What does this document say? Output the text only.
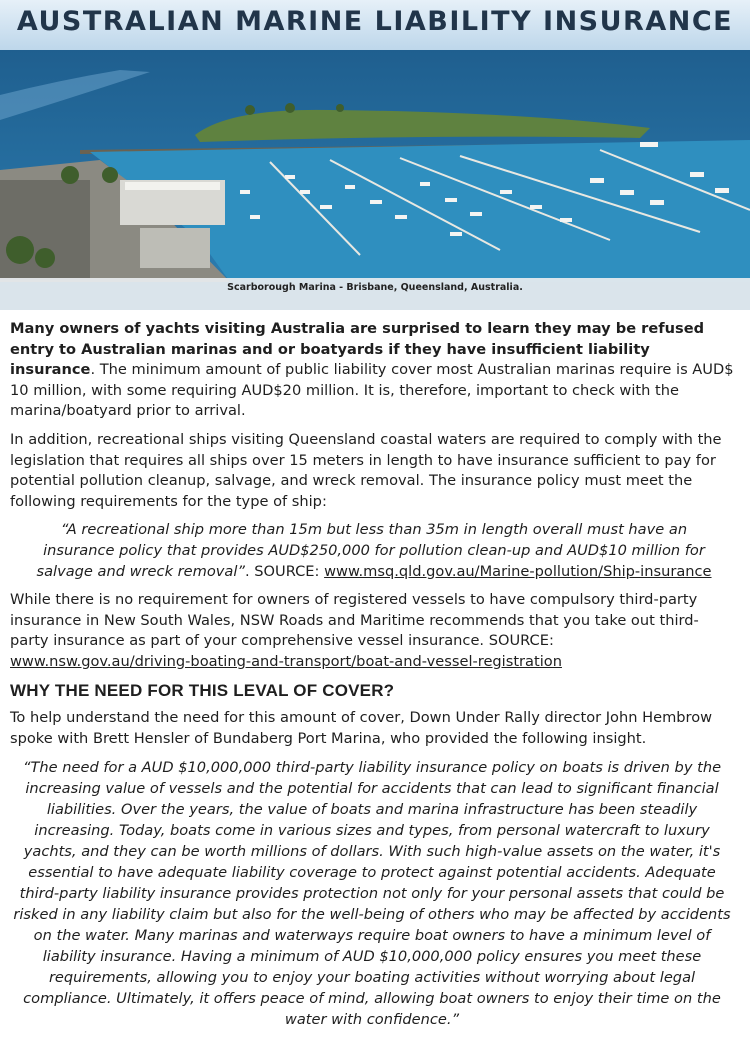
AUSTRALIAN MARINE LIABILITY INSURANCE

Scarborough Marina - Brisbane, Queensland, Australia.

Many owners of yachts visiting Australia are surprised to learn they may be refused entry to Australian marinas and or boatyards if they have insufficient liability insurance. The minimum amount of public liability cover most Australian marinas require is AUD$ 10 million, with some requiring AUD$20 million. It is, therefore, important to check with the marina/boatyard prior to arrival.

In addition, recreational ships visiting Queensland coastal waters are required to comply with the legislation that requires all ships over 15 meters in length to have insurance sufficient to pay for potential pollution cleanup, salvage, and wreck removal. The insurance policy must meet the following requirements for the type of ship:

“A recreational ship more than 15m but less than 35m in length overall must have an insurance policy that provides AUD$250,000 for pollution clean-up and AUD$10 million for salvage and wreck removal”. SOURCE: www.msq.qld.gov.au/Marine-pollution/Ship-insurance

While there is no requirement for owners of registered vessels to have compulsory third-party insurance in New South Wales, NSW Roads and Maritime recommends that you take out third-party insurance as part of your comprehensive vessel insurance. SOURCE: www.nsw.gov.au/driving-boating-and-transport/boat-and-vessel-registration

WHY THE NEED FOR THIS LEVAL OF COVER?

To help understand the need for this amount of cover, Down Under Rally director John Hembrow spoke with Brett Hensler of Bundaberg Port Marina, who provided the following insight.

“The need for a AUD $10,000,000 third-party liability insurance policy on boats is driven by the increasing value of vessels and the potential for accidents that can lead to significant financial liabilities. Over the years, the value of boats and marina infrastructure has been steadily increasing. Today, boats come in various sizes and types, from personal watercraft to luxury yachts, and they can be worth millions of dollars. With such high-value assets on the water, it's essential to have adequate liability coverage to protect against potential accidents. Adequate third-party liability insurance provides protection not only for your personal assets that could be risked in any liability claim but also for the well-being of others who may be affected by accidents on the water. Many marinas and waterways require boat owners to have a minimum level of liability insurance. Having a minimum of AUD $10,000,000 policy ensures you meet these requirements, allowing you to enjoy your boating activities without worrying about legal compliance. Ultimately, it offers peace of mind, allowing boat owners to enjoy their time on the water with confidence.”
